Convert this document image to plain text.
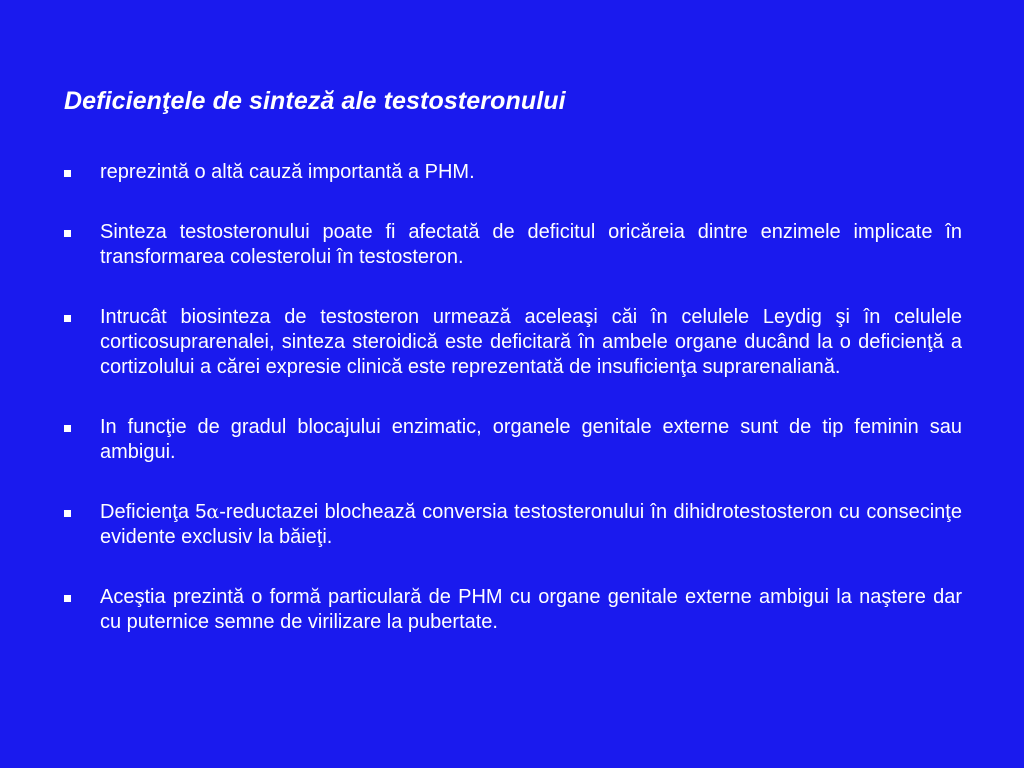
Deficienţele de sinteză ale testosteronului
reprezintă o altă cauză importantă a PHM.
Sinteza testosteronului poate fi afectată de deficitul oricăreia dintre enzimele implicate în transformarea colesterolui în testosteron.
Intrucât biosinteza de testosteron urmează aceleaşi căi în celulele Leydig şi în celulele corticosuprarenalei, sinteza steroidică este deficitară în ambele organe ducând la o deficienţă a cortizolului a cărei expresie clinică este reprezentată de insuficienţa suprarenaliană.
In funcţie de gradul blocajului enzimatic, organele genitale externe sunt de tip feminin sau ambigui.
Deficienţa 5α-reductazei blochează conversia testosteronului în dihidrotestosteron cu consecinţe evidente exclusiv la băieţi.
Aceştia prezintă o formă particulară de PHM cu organe genitale externe ambigui la naştere dar cu puternice semne de virilizare la pubertate.
